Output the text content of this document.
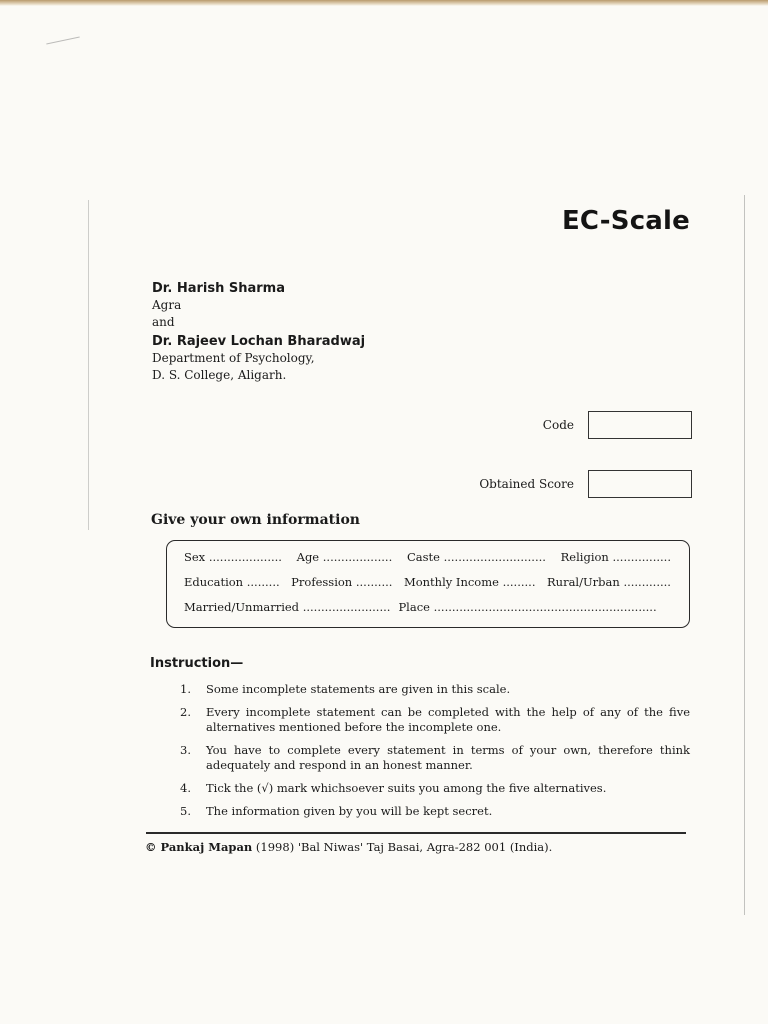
EC-Scale
Dr. Harish Sharma
Agra
and
Dr. Rajeev Lochan Bharadwaj
Department of Psychology,
D. S. College, Aligarh.
Code
Obtained Score
Give your own information
Sex .................... Age ................... Caste ............................ Religion ................
Education ......... Profession .......... Monthly Income ......... Rural/Urban .............
Married/Unmarried ........................ Place .............................................................
Instruction—
1.	Some incomplete statements are given in this scale.
2.	Every incomplete statement can be completed with the help of any of the five alternatives mentioned before the incomplete one.
3.	You have to complete every statement in terms of your own, therefore think adequately and respond in an honest manner.
4.	Tick the (√) mark whichsoever suits you among the five alternatives.
5.	The information given by you will be kept secret.
© Pankaj Mapan (1998) 'Bal Niwas' Taj Basai, Agra-282 001 (India).
